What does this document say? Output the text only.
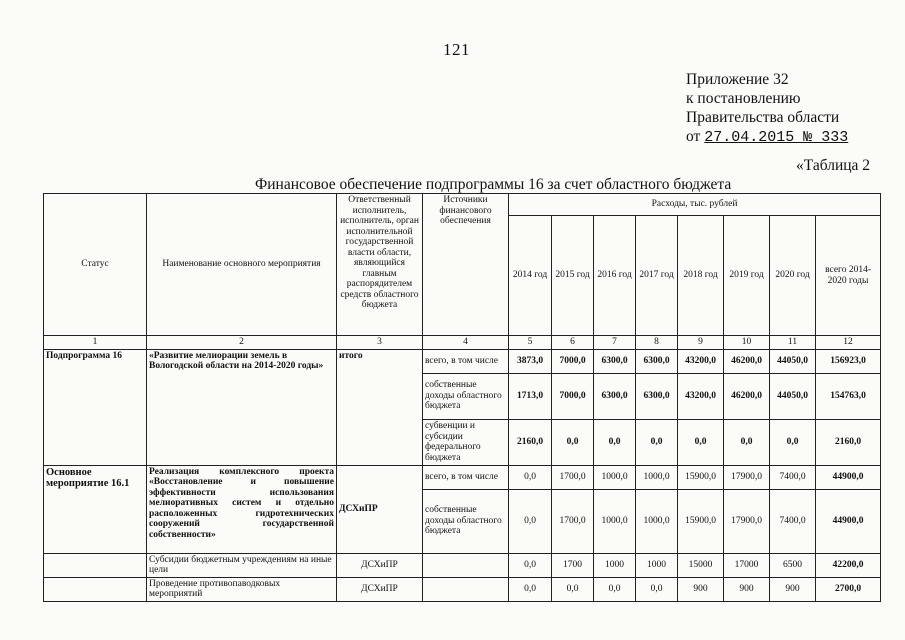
121
Приложение 32
к постановлению
Правительства области
от 27.04.2015 № 333
«Таблица 2
Финансовое обеспечение подпрограммы 16 за счет областного бюджета
Статус	Наименование основного мероприятия	Ответственный исполнитель, исполнитель, орган исполнительной государственной власти области, являющийся главным распорядителем средств областного бюджета	Источники финансового обеспечения	Расходы, тыс. рублей							
				2014 год	2015 год	2016 год	2017 год	2018 год	2019 год	2020 год	всего 2014-2020 годы
1	2	3	4	5	6	7	8	9	10	11	12
Подпрограмма 16	«Развитие мелиорации земель в Вологодской области на 2014-2020 годы»	итого	всего, в том числе	3873,0	7000,0	6300,0	6300,0	43200,0	46200,0	44050,0	156923,0
			собственные доходы областного бюджета	1713,0	7000,0	6300,0	6300,0	43200,0	46200,0	44050,0	154763,0
			субвенции и субсидии федерального бюджета	2160,0	0,0	0,0	0,0	0,0	0,0	0,0	2160,0
Основное мероприятие 16.1	Реализация комплексного проекта «Восстановление и повышение эффективности использования мелиоративных систем и отдельно расположенных гидротехнических сооружений государственной собственности»	ДСХиПР	всего, в том числе	0,0	1700,0	1000,0	1000,0	15900,0	17900,0	7400,0	44900,0
			собственные доходы областного бюджета	0,0	1700,0	1000,0	1000,0	15900,0	17900,0	7400,0	44900,0
	Субсидии бюджетным учреждениям на иные цели	ДСХиПР		0,0	1700	1000	1000	15000	17000	6500	42200,0
	Проведение противопаводковых мероприятий	ДСХиПР		0,0	0,0	0,0	0,0	900	900	900	2700,0
